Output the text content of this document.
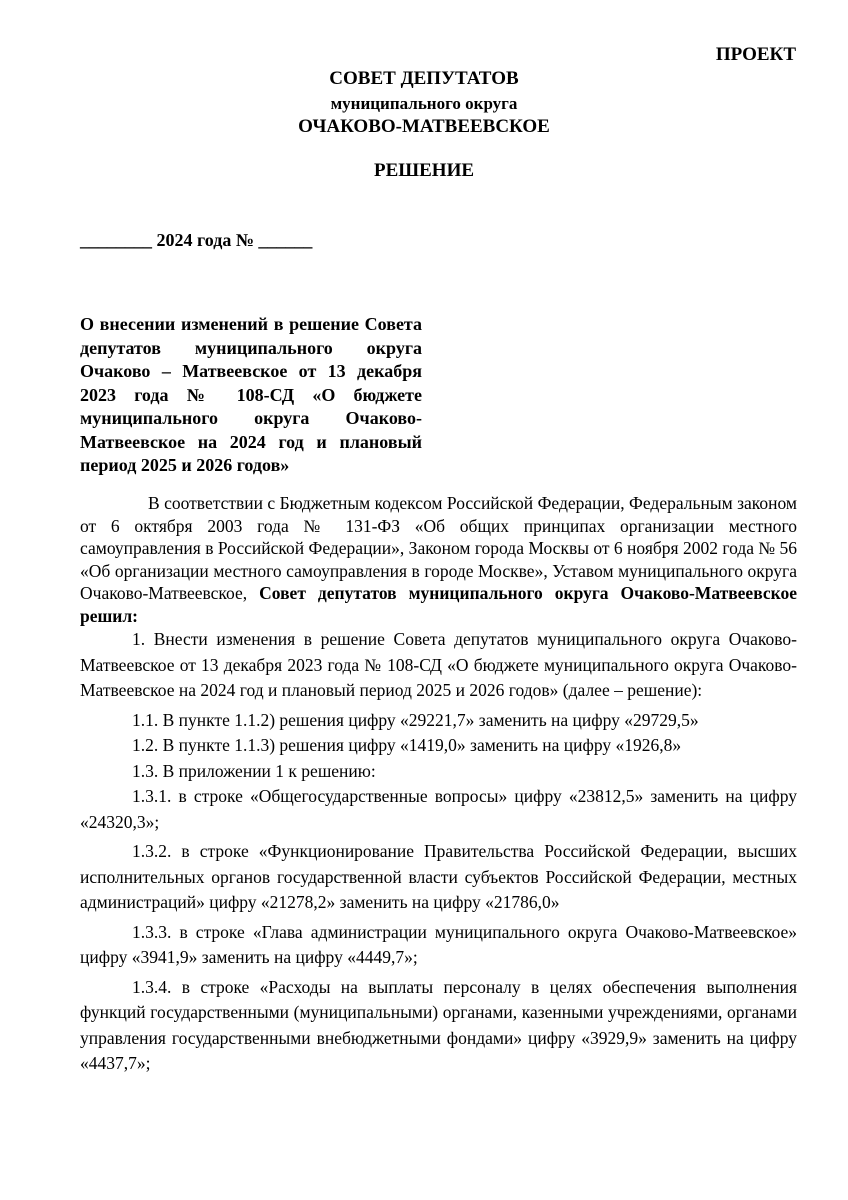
ПРОЕКТ
СОВЕТ ДЕПУТАТОВ
муниципального округа
ОЧАКОВО-МАТВЕЕВСКОЕ
РЕШЕНИЕ
________ 2024 года № ______
О внесении изменений в решение Совета депутатов муниципального округа Очаково – Матвеевское от 13 декабря 2023 года № 108-СД «О бюджете муниципального округа Очаково-Матвеевское на 2024 год и плановый период 2025 и 2026 годов»

В соответствии с Бюджетным кодексом Российской Федерации, Федеральным законом от 6 октября 2003 года № 131-ФЗ «Об общих принципах организации местного самоуправления в Российской Федерации», Законом города Москвы от 6 ноября 2002 года № 56 «Об организации местного самоуправления в городе Москве», Уставом муниципального округа Очаково-Матвеевское, Совет депутатов муниципального округа Очаково-Матвеевское решил:

1. Внести изменения в решение Совета депутатов муниципального округа Очаково-Матвеевское от 13 декабря 2023 года № 108-СД «О бюджете муниципального округа Очаково-Матвеевское на 2024 год и плановый период 2025 и 2026 годов» (далее – решение):

1.1. В пункте 1.1.2) решения цифру «29221,7» заменить на цифру «29729,5»

1.2. В пункте 1.1.3) решения цифру «1419,0» заменить на цифру «1926,8»

1.3. В приложении 1 к решению:

1.3.1. в строке «Общегосударственные вопросы» цифру «23812,5» заменить на цифру «24320,3»;

1.3.2. в строке «Функционирование Правительства Российской Федерации, высших исполнительных органов государственной власти субъектов Российской Федерации, местных администраций» цифру «21278,2» заменить на цифру «21786,0»

1.3.3. в строке «Глава администрации муниципального округа Очаково-Матвеевское» цифру «3941,9» заменить на цифру «4449,7»;

1.3.4. в строке «Расходы на выплаты персоналу в целях обеспечения выполнения функций государственными (муниципальными) органами, казенными учреждениями, органами управления государственными внебюджетными фондами» цифру «3929,9» заменить на цифру «4437,7»;
